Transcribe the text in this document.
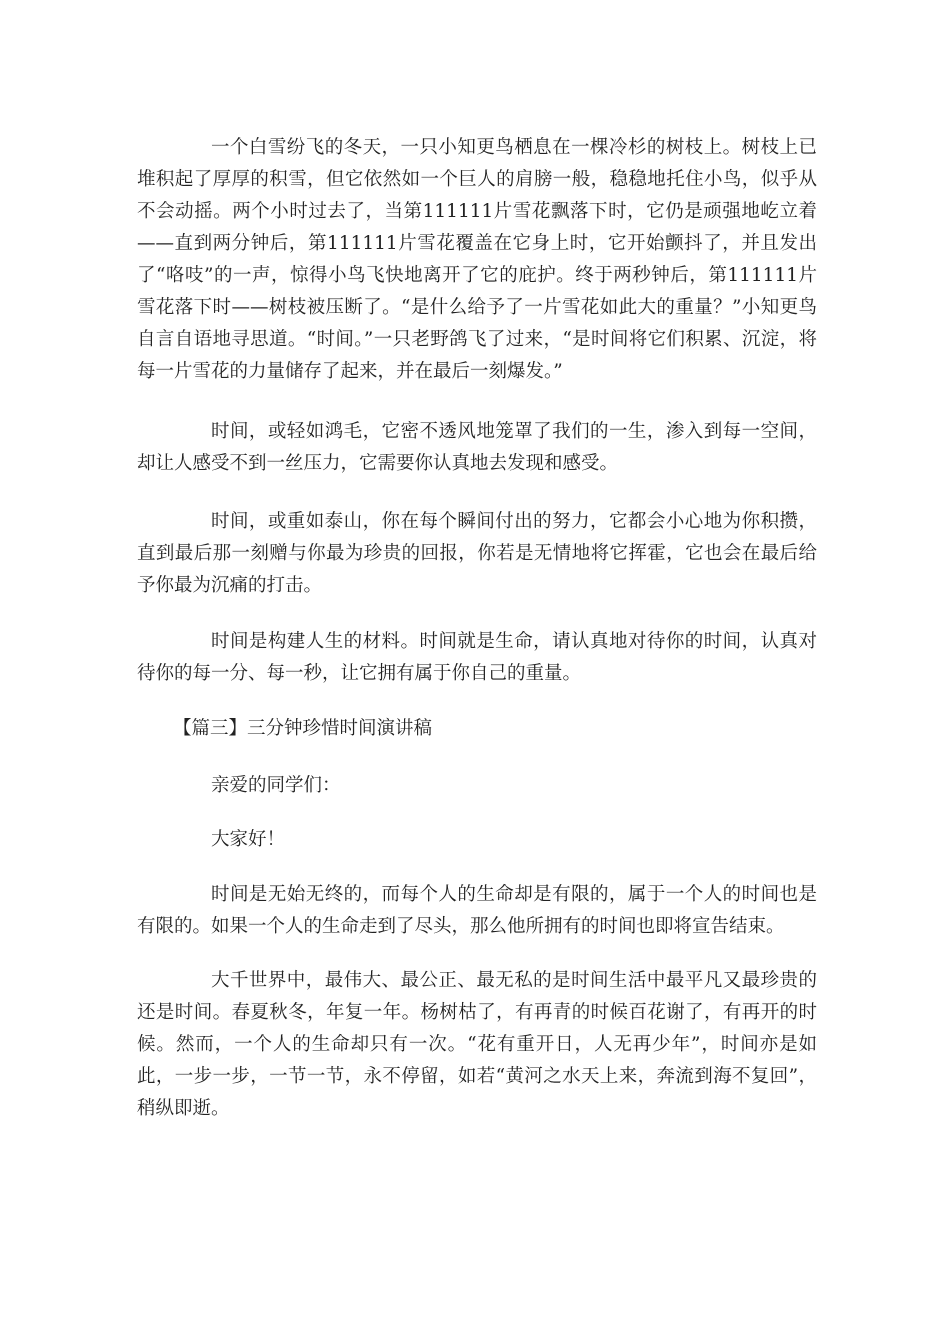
一个白雪纷飞的冬天，一只小知更鸟栖息在一棵冷杉的树枝上。树枝上已堆积起了厚厚的积雪，但它依然如一个巨人的肩膀一般，稳稳地托住小鸟，似乎从不会动摇。两个小时过去了，当第111111片雪花飘落下时，它仍是顽强地屹立着——直到两分钟后，第111111片雪花覆盖在它身上时，它开始颤抖了，并且发出了“咯吱”的一声，惊得小鸟飞快地离开了它的庇护。终于两秒钟后，第111111片雪花落下时——树枝被压断了。“是什么给予了一片雪花如此大的重量？”小知更鸟自言自语地寻思道。“时间。”一只老野鸽飞了过来，“是时间将它们积累、沉淀，将每一片雪花的力量储存了起来，并在最后一刻爆发。”

时间，或轻如鸿毛，它密不透风地笼罩了我们的一生，渗入到每一空间，却让人感受不到一丝压力，它需要你认真地去发现和感受。

时间，或重如泰山，你在每个瞬间付出的努力，它都会小心地为你积攒，直到最后那一刻赠与你最为珍贵的回报，你若是无情地将它挥霍，它也会在最后给予你最为沉痛的打击。

时间是构建人生的材料。时间就是生命，请认真地对待你的时间，认真对待你的每一分、每一秒，让它拥有属于你自己的重量。

【篇三】三分钟珍惜时间演讲稿

亲爱的同学们：

大家好！

时间是无始无终的，而每个人的生命却是有限的，属于一个人的时间也是有限的。如果一个人的生命走到了尽头，那么他所拥有的时间也即将宣告结束。

大千世界中，最伟大、最公正、最无私的是时间生活中最平凡又最珍贵的还是时间。春夏秋冬，年复一年。杨树枯了，有再青的时候百花谢了，有再开的时候。然而，一个人的生命却只有一次。“花有重开日，人无再少年”，时间亦是如此，一步一步，一节一节，永不停留，如若“黄河之水天上来，奔流到海不复回”，稍纵即逝。
